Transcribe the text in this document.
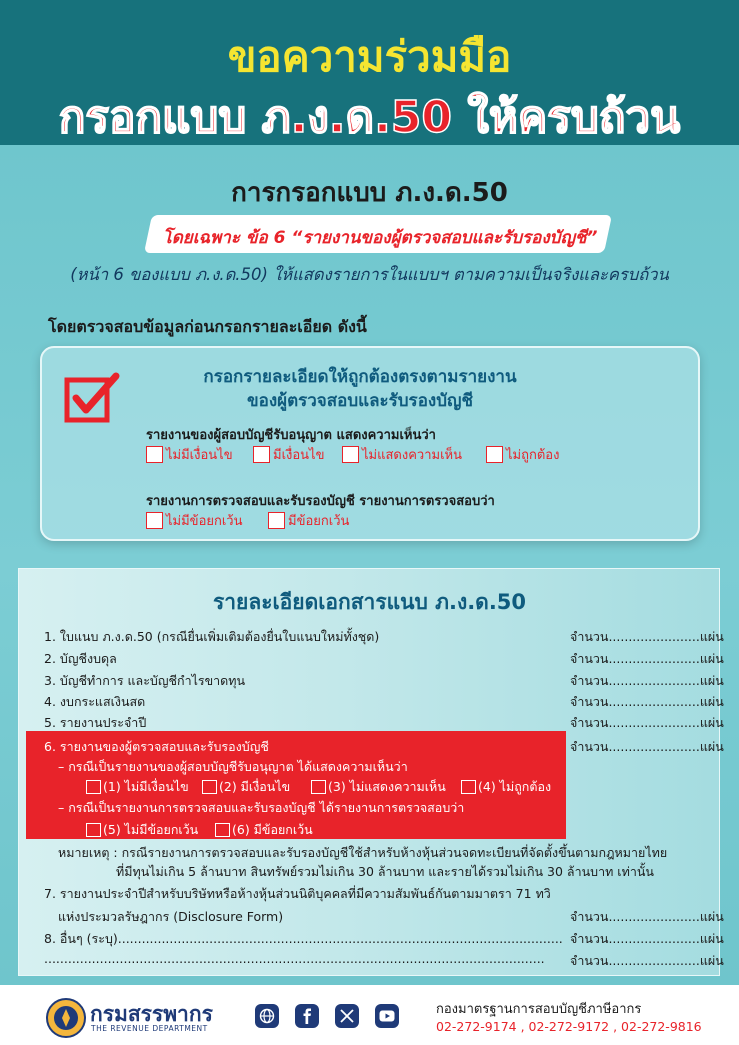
ขอความร่วมมือ
กรอกแบบ ภ.ง.ด.50 ให้ครบถ้วน
การกรอกแบบ ภ.ง.ด.50
โดยเฉพาะ ข้อ 6 “รายงานของผู้ตรวจสอบและรับรองบัญชี”
(หน้า 6 ของแบบ ภ.ง.ด.50) ให้แสดงรายการในแบบฯ ตามความเป็นจริงและครบถ้วน
โดยตรวจสอบข้อมูลก่อนกรอกรายละเอียด ดังนี้
กรอกรายละเอียดให้ถูกต้องตรงตามรายงาน
ของผู้ตรวจสอบและรับรองบัญชี
รายงานของผู้สอบบัญชีรับอนุญาต แสดงความเห็นว่า
ไม่มีเงื่อนไข	มีเงื่อนไข	ไม่แสดงความเห็น	ไม่ถูกต้อง
รายงานการตรวจสอบและรับรองบัญชี รายงานการตรวจสอบว่า
ไม่มีข้อยกเว้น	มีข้อยกเว้น
รายละเอียดเอกสารแนบ ภ.ง.ด.50
1. ใบแนบ ภ.ง.ด.50 (กรณียื่นเพิ่มเติมต้องยื่นใบแนบใหม่ทั้งชุด)	จำนวน.......................แผ่น
2. บัญชีงบดุล	จำนวน.......................แผ่น
3. บัญชีทำการ และบัญชีกำไรขาดทุน	จำนวน.......................แผ่น
4. งบกระแสเงินสด	จำนวน.......................แผ่น
5. รายงานประจำปี	จำนวน.......................แผ่น
6. รายงานของผู้ตรวจสอบและรับรองบัญชี	จำนวน.......................แผ่น
– กรณีเป็นรายงานของผู้สอบบัญชีรับอนุญาต ได้แสดงความเห็นว่า
(1) ไม่มีเงื่อนไข (2) มีเงื่อนไข	(3) ไม่แสดงความเห็น	(4) ไม่ถูกต้อง
– กรณีเป็นรายงานการตรวจสอบและรับรองบัญชี ได้รายงานการตรวจสอบว่า
(5) ไม่มีข้อยกเว้น	(6) มีข้อยกเว้น
หมายเหตุ : กรณีรายงานการตรวจสอบและรับรองบัญชีใช้สำหรับห้างหุ้นส่วนจดทะเบียนที่จัดตั้งขึ้นตามกฎหมายไทย
ที่มีทุนไม่เกิน 5 ล้านบาท สินทรัพย์รวมไม่เกิน 30 ล้านบาท และรายได้รวมไม่เกิน 30 ล้านบาท เท่านั้น
7. รายงานประจำปีสำหรับบริษัทหรือห้างหุ้นส่วนนิติบุคคลที่มีความสัมพันธ์กันตามมาตรา 71 ทวิ
แห่งประมวลรัษฎากร (Disclosure Form)	จำนวน.......................แผ่น
8. อื่นๆ (ระบุ)................................................................................................................ จำนวน.......................แผ่น
.............................................................................................................................. จำนวน.......................แผ่น
กรมสรรพากร
THE REVENUE DEPARTMENT
กองมาตรฐานการสอบบัญชีภาษีอากร
02-272-9174 , 02-272-9172 , 02-272-9816
